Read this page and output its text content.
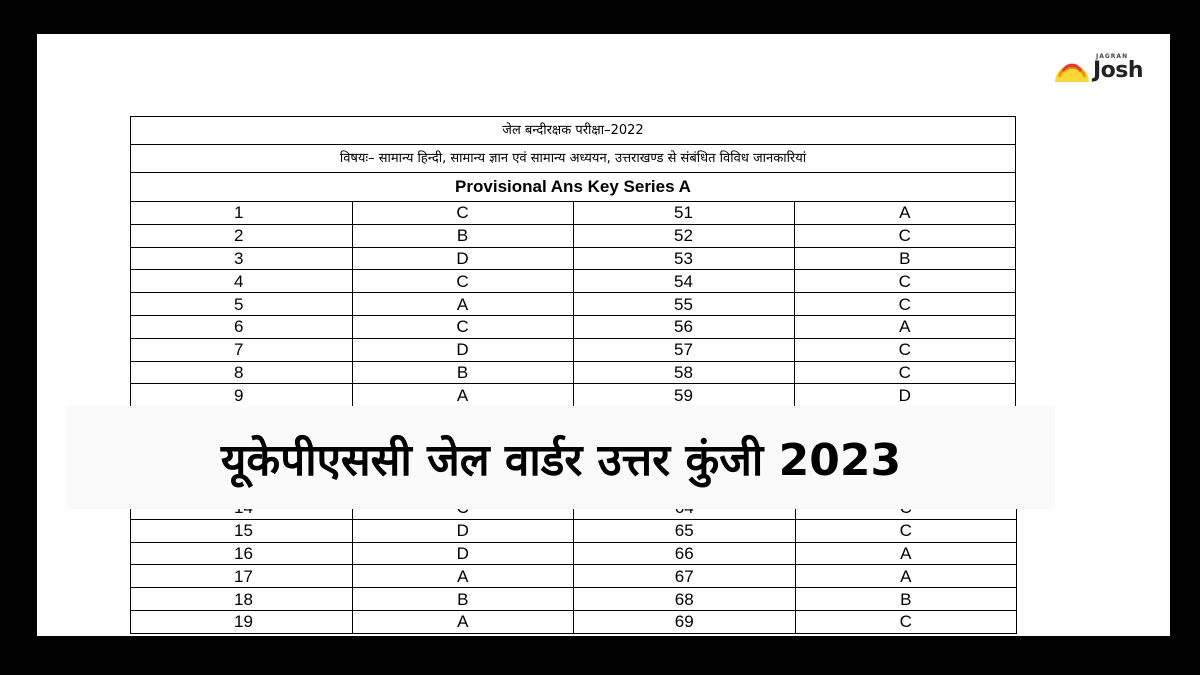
JAGRAN
Josh
जेल बन्दीरक्षक परीक्षा–2022
विषयः– सामान्य हिन्दी, सामान्य ज्ञान एवं सामान्य अध्ययन, उत्तराखण्ड से संबंधित विविध जानकारियां
Provisional Ans Key Series A
1	C	51	A
2	B	52	C
3	D	53	B
4	C	54	C
5	A	55	C
6	C	56	A
7	D	57	C
8	B	58	C
9	A	59	D

15	D	65	C
16	D	66	A
17	A	67	A
18	B	68	B
19	A	69	C
यूकेपीएससी जेल वार्डर उत्तर कुंजी 2023
